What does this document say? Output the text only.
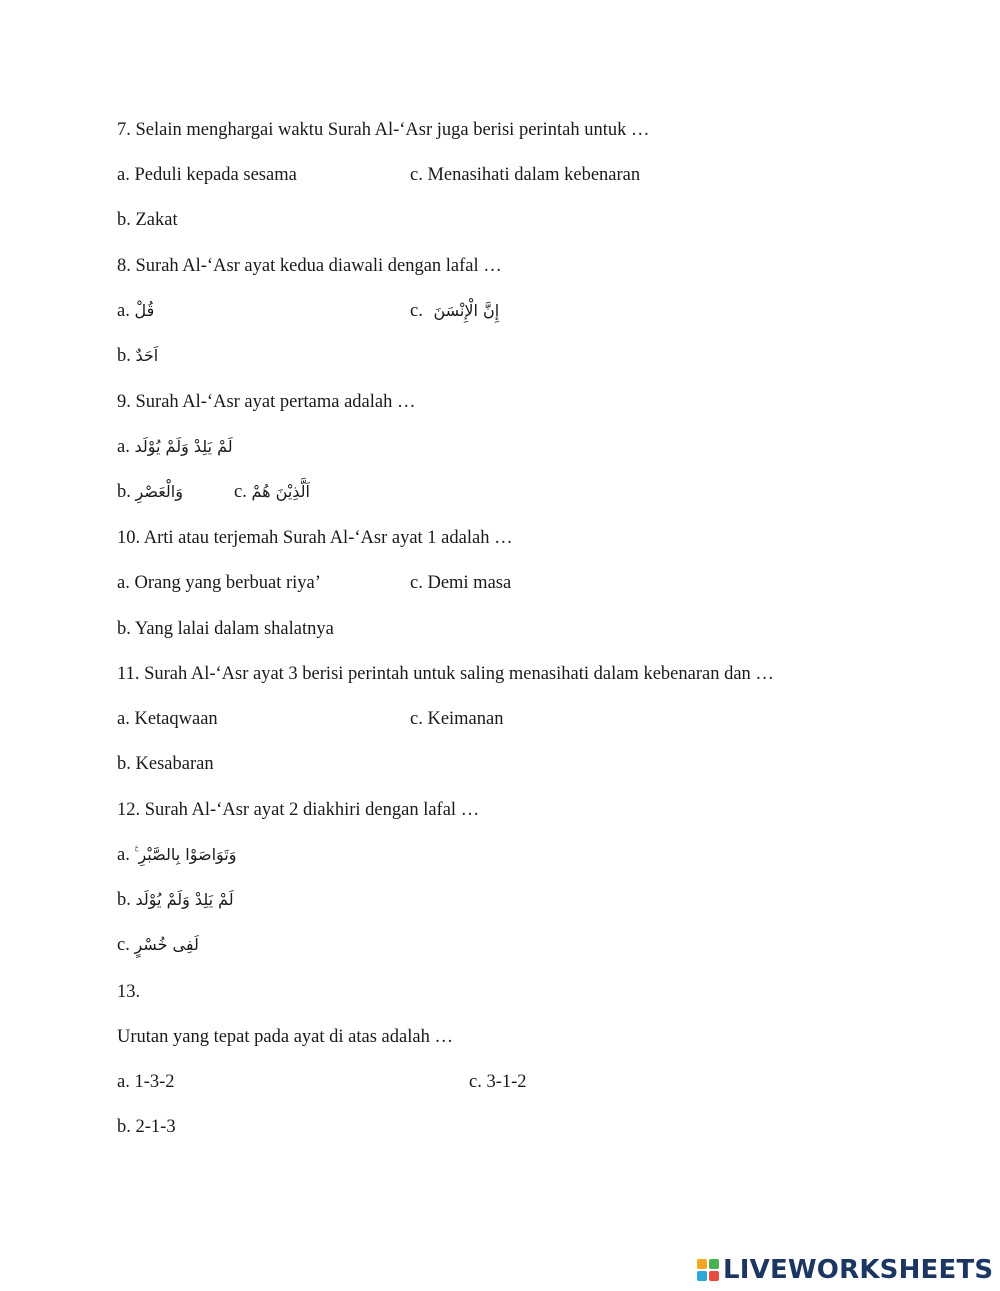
7. Selain menghargai waktu Surah Al-‘Asr juga berisi perintah untuk …
a. Peduli kepada sesama	c. Menasihati dalam kebenaran
b. Zakat
8. Surah Al-‘Asr ayat kedua diawali dengan lafal …
a. قُلْ	c. إِنَّ الْإِنْسَنَ
b. اَحَدٌ
9. Surah Al-‘Asr ayat pertama adalah …
a. لَمْ يَلِدْ وَلَمْ يُوْلَد
b. وَالْعَصْرِ	c. اَلَّذِيْنَ هُمْ
10. Arti atau terjemah Surah Al-‘Asr ayat 1 adalah …
a. Orang yang berbuat riya’	c. Demi masa
b. Yang lalai dalam shalatnya
11. Surah Al-‘Asr ayat 3 berisi perintah untuk saling menasihati dalam kebenaran dan …
a. Ketaqwaan	c. Keimanan
b. Kesabaran
12. Surah Al-‘Asr ayat 2 diakhiri dengan lafal …
a. وَتَوَاصَوْا بِالصَّبْرِ ࣖ
b. لَمْ يَلِدْ وَلَمْ يُوْلَد
c. لَفِى خُسْرٍ
13.
Urutan yang tepat pada ayat di atas adalah …
a. 1-3-2	c. 3-1-2
b. 2-1-3
LIVEWORKSHEETS
